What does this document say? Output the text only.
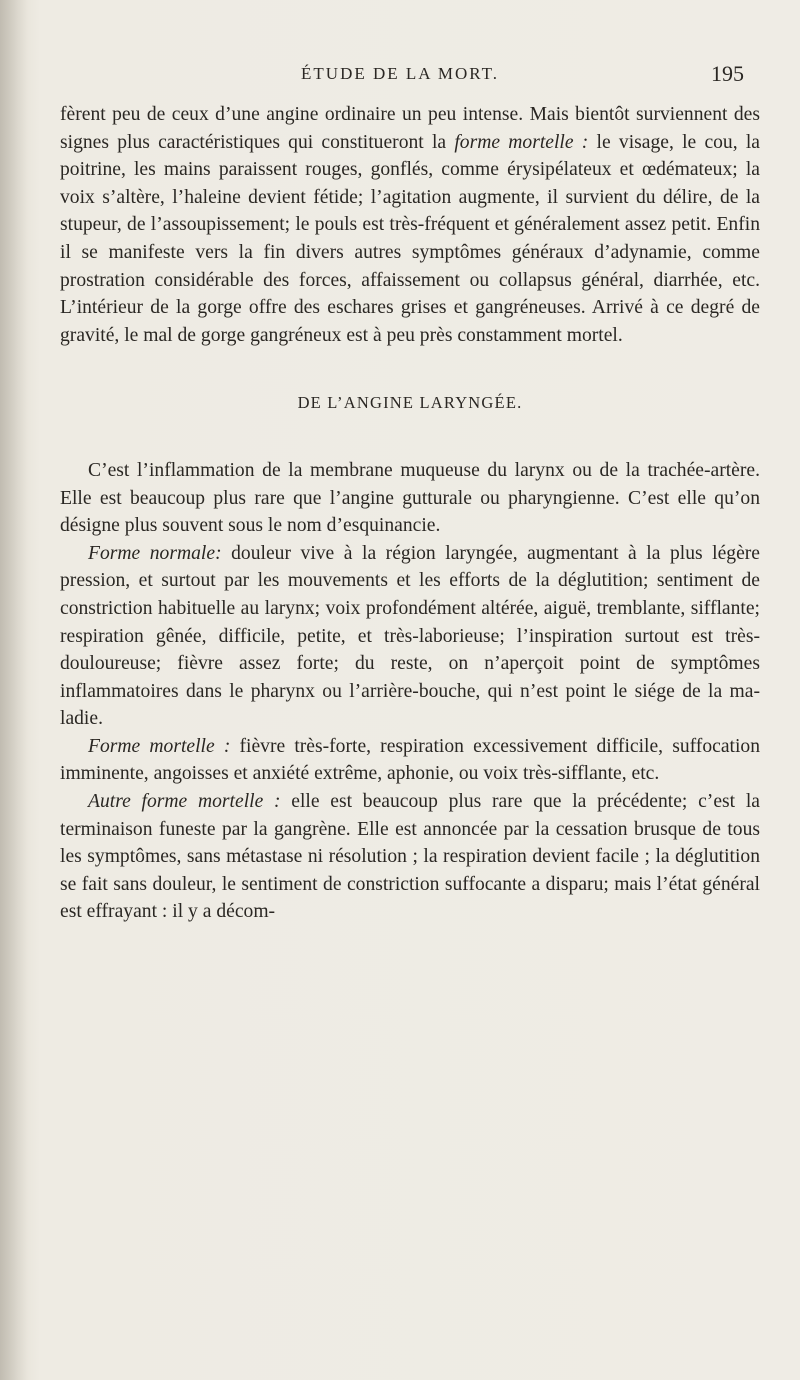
ÉTUDE DE LA MORT.	195

fèrent peu de ceux d’une angine ordinaire un peu intense. Mais bientôt surviennent des signes plus caractéristiques qui constitueront la forme mortelle : le visage, le cou, la poitrine, les mains paraissent rouges, gonflés, comme érysipélateux et œdémateux; la voix s’altère, l’haleine devient fétide; l’agitation augmente, il survient du délire, de la stupeur, de l’assoupissement; le pouls est très-fréquent et généralement assez petit. Enfin il se manifeste vers la fin divers autres symptômes généraux d’adynamie, comme prostration considérable des forces, affaissement ou collapsus général, diarrhée, etc. L’intérieur de la gorge offre des eschares grises et gangréneuses. Arrivé à ce degré de gravité, le mal de gorge gangréneux est à peu près constamment mortel.

DE L’ANGINE LARYNGÉE.

C’est l’inflammation de la membrane muqueuse du larynx ou de la trachée-artère. Elle est beaucoup plus rare que l’angine gutturale ou pharyngienne. C’est elle qu’on désigne plus souvent sous le nom d’esquinancie.

Forme normale: douleur vive à la région laryngée, augmentant à la plus légère pression, et surtout par les mouvements et les efforts de la déglutition; sentiment de constriction habituelle au larynx; voix profondément altérée, aiguë, tremblante, sifflante; respiration gênée, difficile, petite, et très-laborieuse; l’inspiration surtout est très-douloureuse; fièvre assez forte; du reste, on n’aperçoit point de symptômes inflammatoires dans le pharynx ou l’arrière-bouche, qui n’est point le siége de la maladie.

Forme mortelle : fièvre très-forte, respiration excessivement difficile, suffocation imminente, angoisses et anxiété extrême, aphonie, ou voix très-sifflante, etc.

Autre forme mortelle : elle est beaucoup plus rare que la précédente; c’est la terminaison funeste par la gangrène. Elle est annoncée par la cessation brusque de tous les symptômes, sans métastase ni résolution ; la respiration devient facile ; la déglutition se fait sans douleur, le sentiment de constriction suffocante a disparu; mais l’état général est effrayant : il y a décom-
